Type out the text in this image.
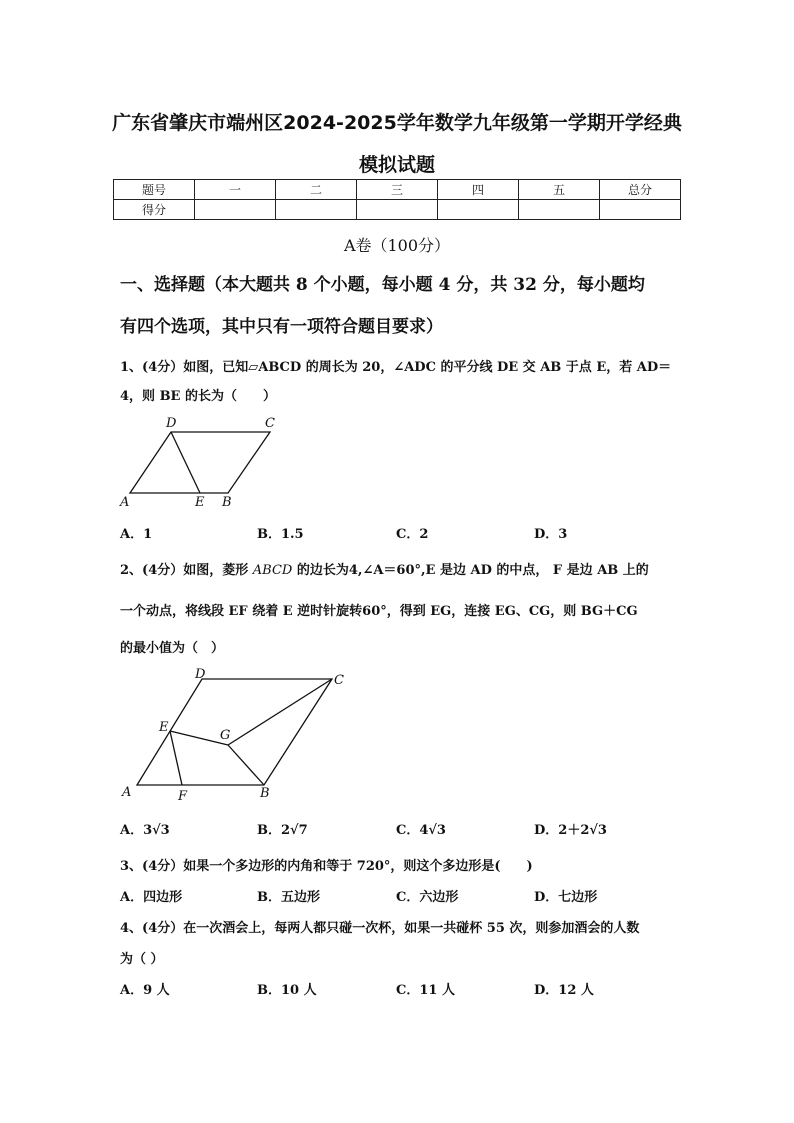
广东省肇庆市端州区2024-2025学年数学九年级第一学期开学经典
模拟试题
题号	一	二	三	四	五	总分
得分						
A卷（100分）
一、选择题（本大题共 8 个小题，每小题 4 分，共 32 分，每小题均
有四个选项，其中只有一项符合题目要求）
1、(4分）如图，已知▱ABCD 的周长为 20，∠ADC 的平分线 DE 交 AB 于点 E，若 AD＝
4，则 BE 的长为（　　）
D	C
A	E B
A．1	B．1.5	C．2	D．3
2、(4分）如图，菱形 ABCD 的边长为4,∠A＝60°,E 是边 AD 的中点， F 是边 AB 上的
一个动点，将线段 EF 绕着 E 逆时针旋转60°，得到 EG，连接 EG、CG，则 BG＋CG
的最小值为（　）
D	C
E
G
A	F	B
A．3√3	B．2√7	C．4√3	D．2＋2√3
3、(4分）如果一个多边形的内角和等于 720°，则这个多边形是(　　)
A．四边形	B．五边形	C．六边形	D．七边形
4、(4分）在一次酒会上，每两人都只碰一次杯，如果一共碰杯 55 次，则参加酒会的人数
为（ ）
A．9 人	B．10 人	C．11 人	D．12 人
